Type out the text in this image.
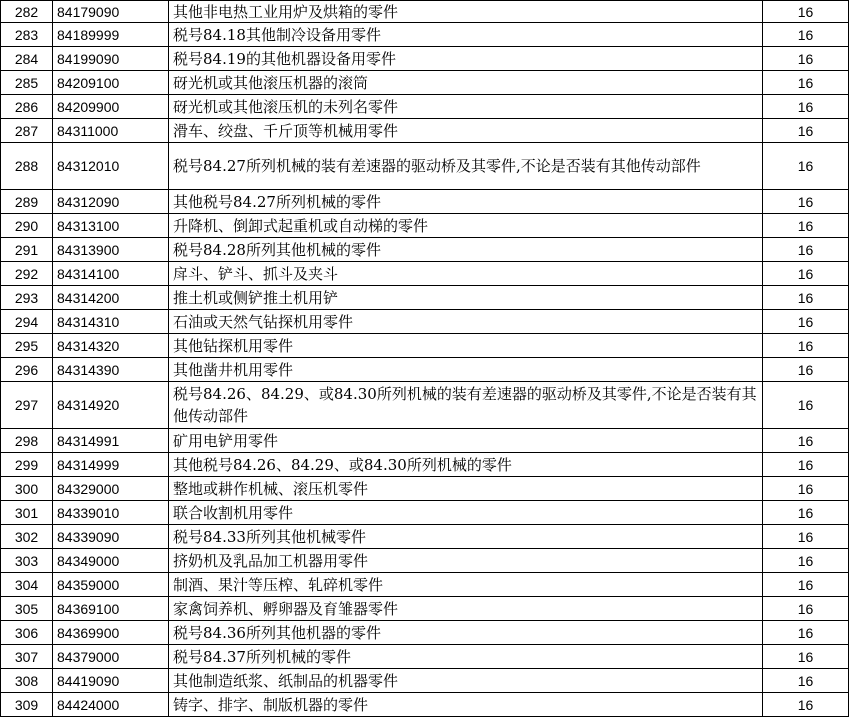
282	84179090	其他非电热工业用炉及烘箱的零件	16
283	84189999	税号84.18其他制冷设备用零件	16
284	84199090	税号84.19的其他机器设备用零件	16
285	84209100	砑光机或其他滚压机器的滚筒	16
286	84209900	砑光机或其他滚压机的未列名零件	16
287	84311000	滑车、绞盘、千斤顶等机械用零件	16
288	84312010	税号84.27所列机械的装有差速器的驱动桥及其零件,不论是否装有其他传动部件	16
289	84312090	其他税号84.27所列机械的零件	16
290	84313100	升降机、倒卸式起重机或自动梯的零件	16
291	84313900	税号84.28所列其他机械的零件	16
292	84314100	戽斗、铲斗、抓斗及夹斗	16
293	84314200	推土机或侧铲推土机用铲	16
294	84314310	石油或天然气钻探机用零件	16
295	84314320	其他钻探机用零件	16
296	84314390	其他凿井机用零件	16
297	84314920	税号84.26、84.29、或84.30所列机械的装有差速器的驱动桥及其零件,不论是否装有其他传动部件	16
298	84314991	矿用电铲用零件	16
299	84314999	其他税号84.26、84.29、或84.30所列机械的零件	16
300	84329000	整地或耕作机械、滚压机零件	16
301	84339010	联合收割机用零件	16
302	84339090	税号84.33所列其他机械零件	16
303	84349000	挤奶机及乳品加工机器用零件	16
304	84359000	制酒、果汁等压榨、轧碎机零件	16
305	84369100	家禽饲养机、孵卵器及育雏器零件	16
306	84369900	税号84.36所列其他机器的零件	16
307	84379000	税号84.37所列机械的零件	16
308	84419090	其他制造纸浆、纸制品的机器零件	16
309	84424000	铸字、排字、制版机器的零件	16
